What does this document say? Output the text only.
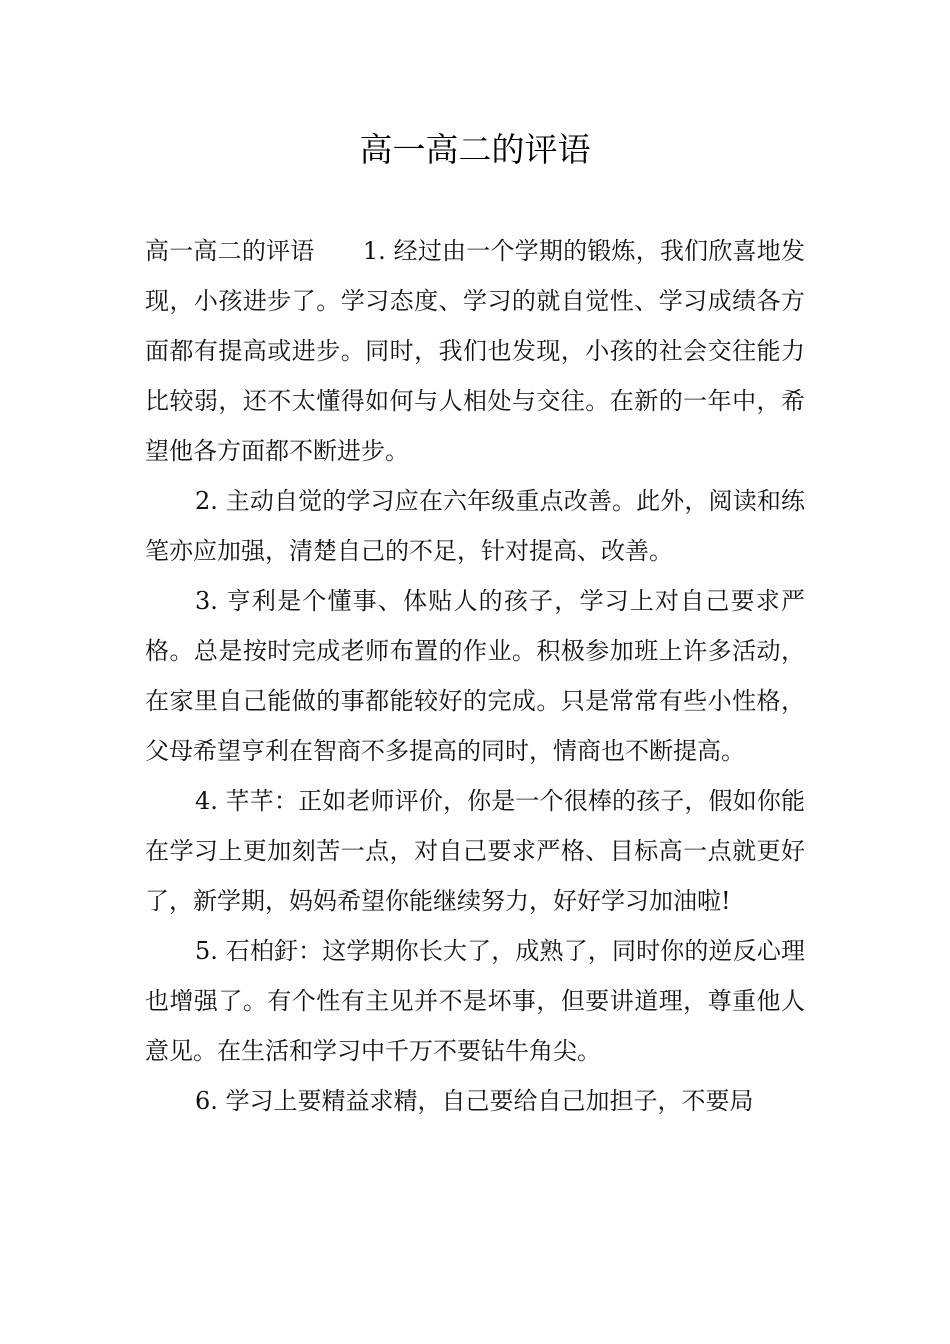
高一高二的评语

高一高二的评语　　1. 经过由一个学期的锻炼，我们欣喜地发现，小孩进步了。学习态度、学习的就自觉性、学习成绩各方面都有提高或进步。同时，我们也发现，小孩的社会交往能力比较弱，还不太懂得如何与人相处与交往。在新的一年中，希望他各方面都不断进步。

2. 主动自觉的学习应在六年级重点改善。此外，阅读和练笔亦应加强，清楚自己的不足，针对提高、改善。

3. 亨利是个懂事、体贴人的孩子，学习上对自己要求严格。总是按时完成老师布置的作业。积极参加班上许多活动，在家里自己能做的事都能较好的完成。只是常常有些小性格，父母希望亨利在智商不多提高的同时，情商也不断提高。

4. 芊芊：正如老师评价，你是一个很棒的孩子，假如你能在学习上更加刻苦一点，对自己要求严格、目标高一点就更好了，新学期，妈妈希望你能继续努力，好好学习加油啦!

5. 石柏釪：这学期你长大了，成熟了，同时你的逆反心理也增强了。有个性有主见并不是坏事，但要讲道理，尊重他人意见。在生活和学习中千万不要钻牛角尖。

6. 学习上要精益求精，自己要给自己加担子，不要局
